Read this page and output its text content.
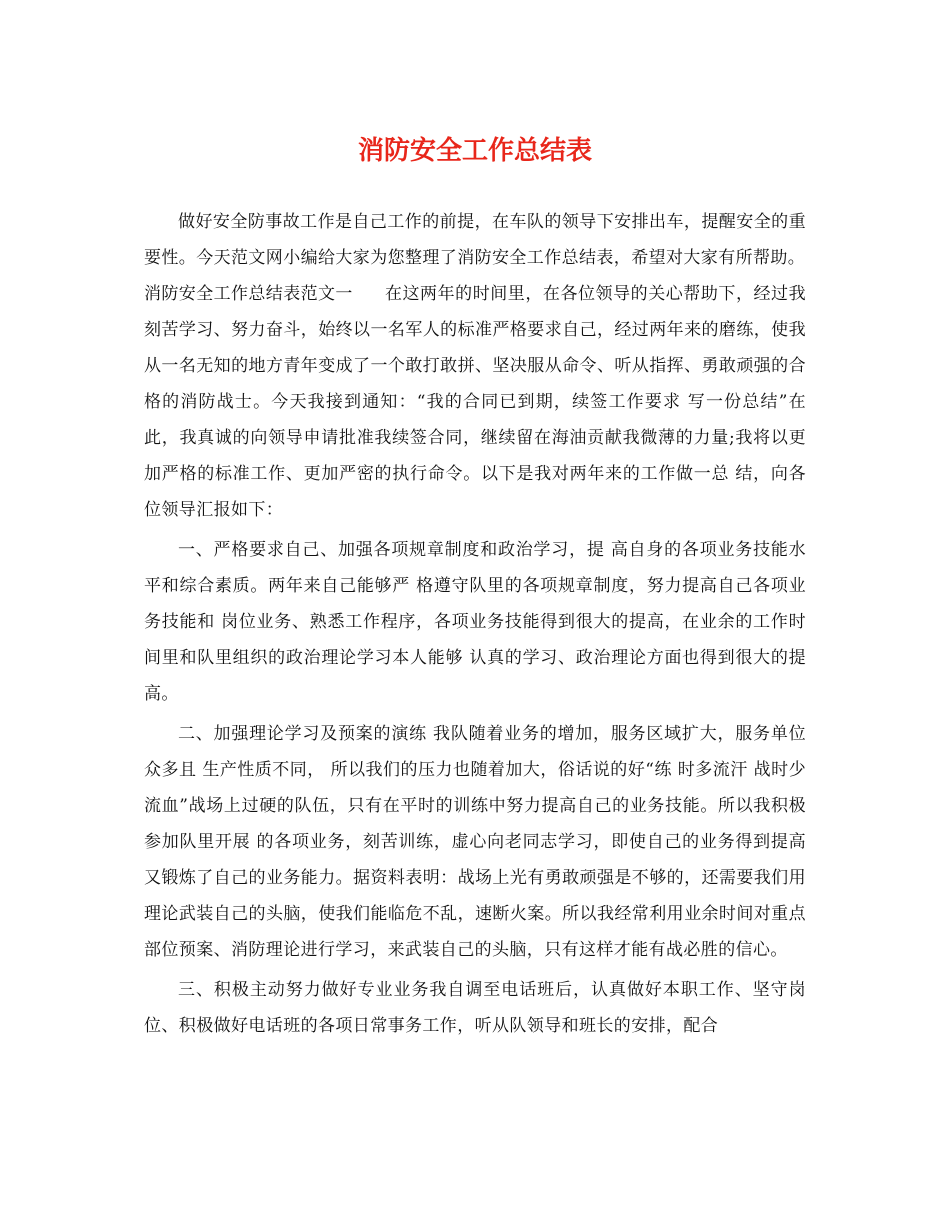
消防安全工作总结表

做好安全防事故工作是自己工作的前提，在车队的领导下安排出车，提醒安全的重要性。今天范文网小编给大家为您整理了消防安全工作总结表，希望对大家有所帮助。

消防安全工作总结表范文一 在这两年的时间里，在各位领导的关心帮助下，经过我刻苦学习、努力奋斗，始终以一名军人的标准严格要求自己，经过两年来的磨练，使我从一名无知的地方青年变成了一个敢打敢拼、坚决服从命令、听从指挥、勇敢顽强的合格的消防战士。今天我接到通知：“我的合同已到期，续签工作要求 写一份总结”在此，我真诚的向领导申请批准我续签合同，继续留在海油贡献我微薄的力量;我将以更加严格的标准工作、更加严密的执行命令。以下是我对两年来的工作做一总 结，向各位领导汇报如下：

一、严格要求自己、加强各项规章制度和政治学习，提 高自身的各项业务技能水平和综合素质。两年来自己能够严 格遵守队里的各项规章制度，努力提高自己各项业务技能和 岗位业务、熟悉工作程序，各项业务技能得到很大的提高，在业余的工作时间里和队里组织的政治理论学习本人能够 认真的学习、政治理论方面也得到很大的提高。

二、加强理论学习及预案的演练 我队随着业务的增加，服务区域扩大，服务单位众多且 生产性质不同， 所以我们的压力也随着加大，俗话说的好“练 时多流汗 战时少流血”战场上过硬的队伍，只有在平时的训练中努力提高自己的业务技能。所以我积极参加队里开展 的各项业务，刻苦训练，虚心向老同志学习，即使自己的业务得到提高又锻炼了自己的业务能力。据资料表明：战场上光有勇敢顽强是不够的，还需要我们用理论武装自己的头脑，使我们能临危不乱，速断火案。所以我经常利用业余时间对重点部位预案、消防理论进行学习，来武装自己的头脑，只有这样才能有战必胜的信心。

三、积极主动努力做好专业业务我自调至电话班后，认真做好本职工作、坚守岗位、积极做好电话班的各项日常事务工作，听从队领导和班长的安排，配合
